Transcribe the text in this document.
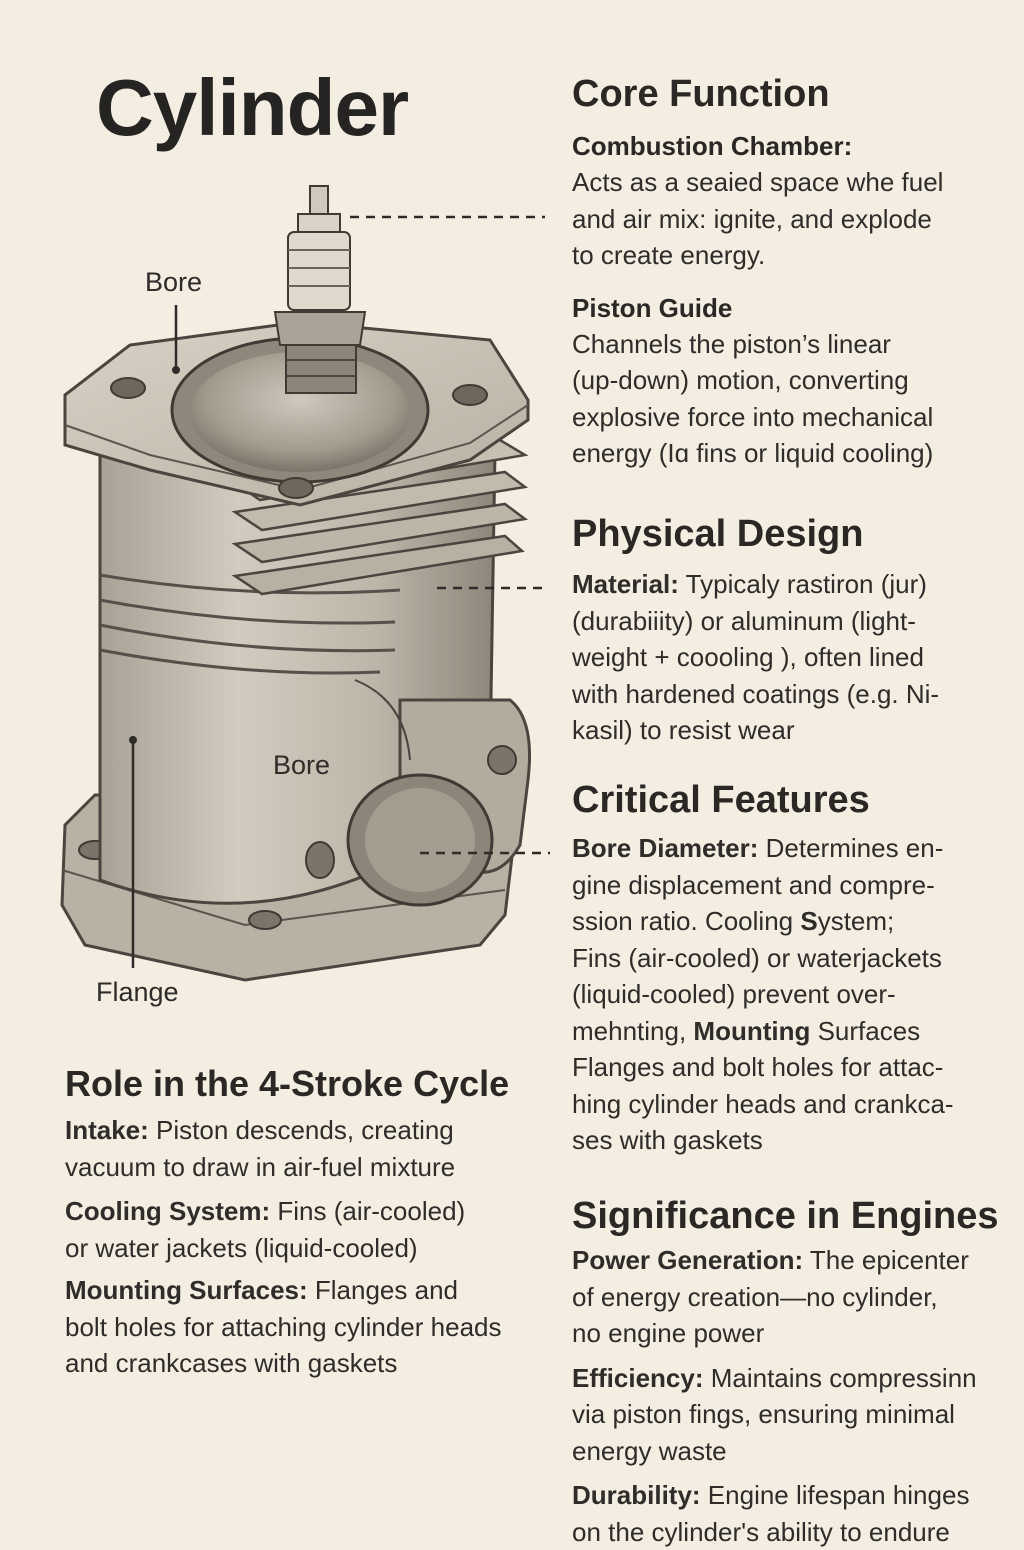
Cylinder
Bore
Bore
Flange
Core Function
Combustion Chamber:
Acts as a seaied space whe fuel
and air mix: ignite, and explode
to create energy.
Piston Guide
Channels the piston’s linear
(up-down) motion, converting
explosive force into mechanical
energy (Iɑ fins or liquid cooling)
Physical Design
Material: Typicaly rastiron (jur)
(durabiiity) or aluminum (light-
weight + coooling ), often lined
with hardened coatings (e.g. Ni-
kasil) to resist wear
Critical Features
Bore Diameter: Determines en-
gine displacement and compre-
ssion ratio. Cooling System;
Fins (air-cooled) or waterjackets
(liquid-cooled) prevent over-
mehnting, Mounting Surfaces
Flanges and bolt holes for attac-
hing cylinder heads and crankca-
ses with gaskets
Significance in Engines
Power Generation: The epicenter
of energy creation—no cylinder,
no engine power
Efficiency: Maintains compressinn
via piston fings, ensuring minimal
energy waste
Durability: Engine lifespan hinges
on the cylinder's ability to endure
Role in the 4-Stroke Cycle
Intake: Piston descends, creating
vacuum to draw in air-fuel mixture
Cooling System: Fins (air-cooled)
or water jackets (liquid-cooled)
Mounting Surfaces: Flanges and
bolt holes for attaching cylinder heads
and crankcases with gaskets
